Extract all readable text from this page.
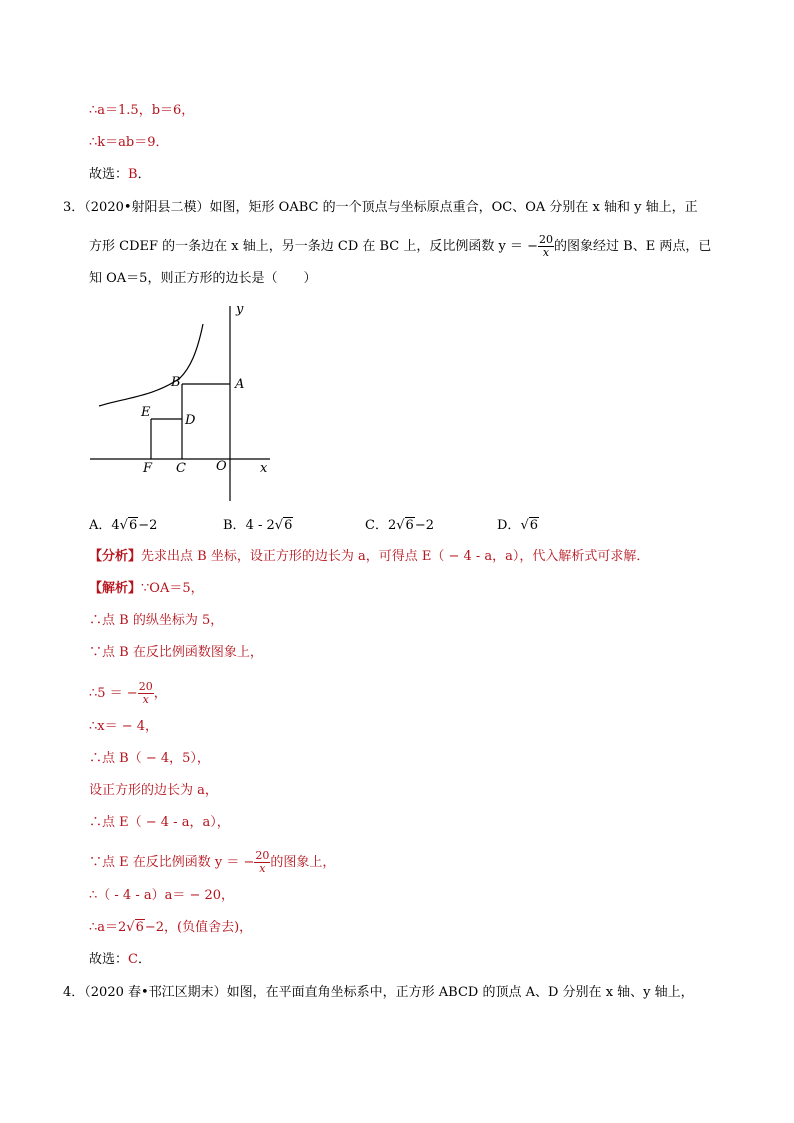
∴a＝1.5，b＝6，
∴k＝ab＝9．
故选：B．
3．（2020•射阳县二模）如图，矩形 OABC 的一个顶点与坐标原点重合，OC、OA 分别在 x 轴和 y 轴上，正
方形 CDEF 的一条边在 x 轴上，另一条边 CD 在 BC 上，反比例函数 y ＝ − $\frac{20}{x}$ 的图象经过 B、E 两点，已
知 OA＝5，则正方形的边长是（　　）
y
x
B	A
E
D
F C O
A．4√6−2	B．4 - 2√6	C．2√6−2	D．√6
【分析】先求出点 B 坐标，设正方形的边长为 a，可得点 E（ − 4 - a，a），代入解析式可求解．
【解析】∵OA＝5，
∴点 B 的纵坐标为 5，
∵点 B 在反比例函数图象上，
∴5 ＝ − $\frac{20}{x}$ ，
∴x＝ − 4，
∴点 B（ − 4，5），
设正方形的边长为 a，
∴点 E（ − 4 - a，a），
∵点 E 在反比例函数 y ＝ − $\frac{20}{x}$ 的图象上，
∴（ - 4 - a）a＝ − 20，
∴a＝2√6−2，(负值舍去)，
故选：C．
4．（2020 春•邗江区期末）如图，在平面直角坐标系中，正方形 ABCD 的顶点 A、D 分别在 x 轴、y 轴上，
